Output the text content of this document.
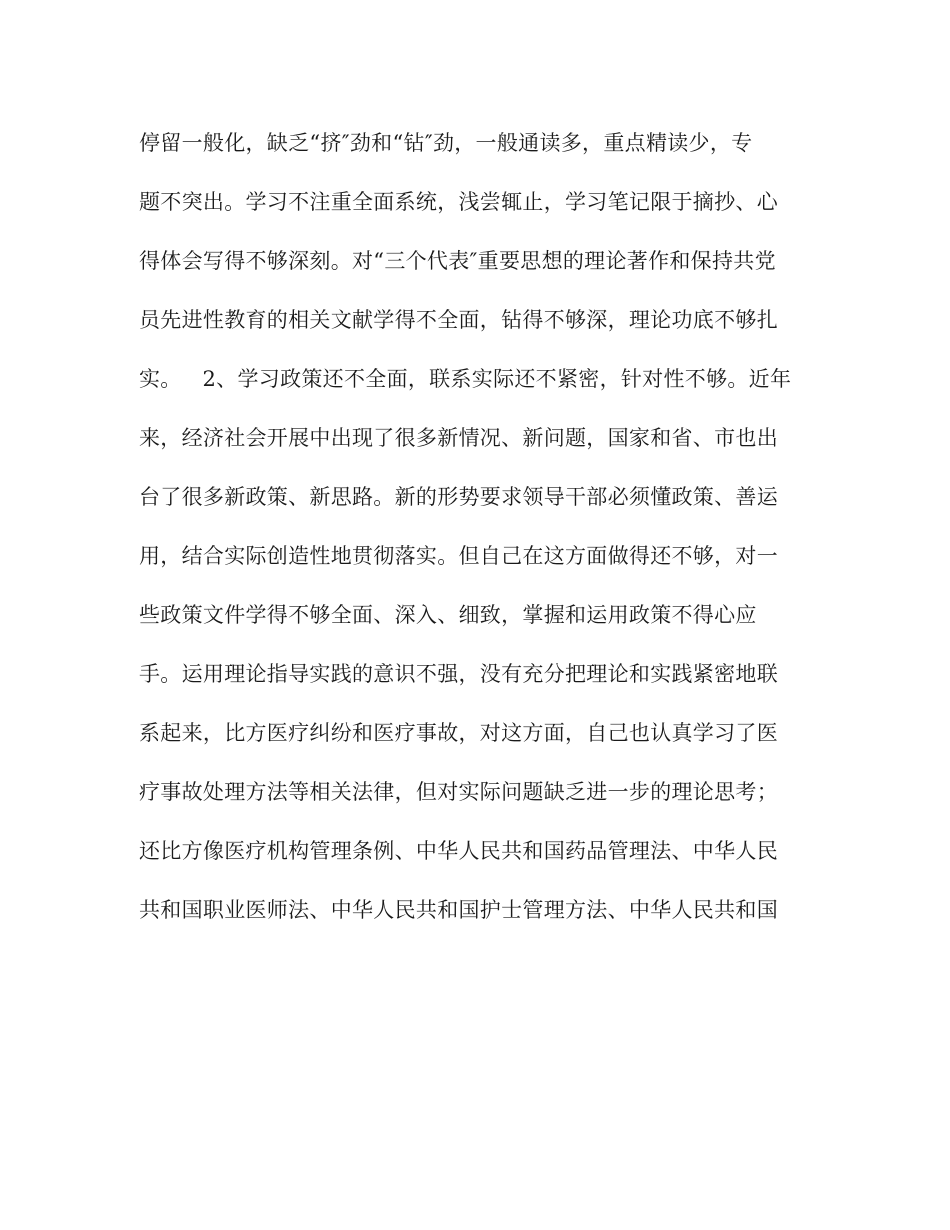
停留一般化，缺乏“挤″劲和“钻″劲，一般通读多，重点精读少，专
题不突出。学习不注重全面系统，浅尝辄止，学习笔记限于摘抄、心
得体会写得不够深刻。对“三个代表″重要思想的理论著作和保持共党
员先进性教育的相关文献学得不全面，钻得不够深，理论功底不够扎
实。   2、学习政策还不全面，联系实际还不紧密，针对性不够。近年
来，经济社会开展中出现了很多新情况、新问题，国家和省、市也出
台了很多新政策、新思路。新的形势要求领导干部必须懂政策、善运
用，结合实际创造性地贯彻落实。但自己在这方面做得还不够，对一
些政策文件学得不够全面、深入、细致，掌握和运用政策不得心应
手。运用理论指导实践的意识不强，没有充分把理论和实践紧密地联
系起来，比方医疗纠纷和医疗事故，对这方面，自己也认真学习了医
疗事故处理方法等相关法律，但对实际问题缺乏进一步的理论思考；
还比方像医疗机构管理条例、中华人民共和国药品管理法、中华人民
共和国职业医师法、中华人民共和国护士管理方法、中华人民共和国
